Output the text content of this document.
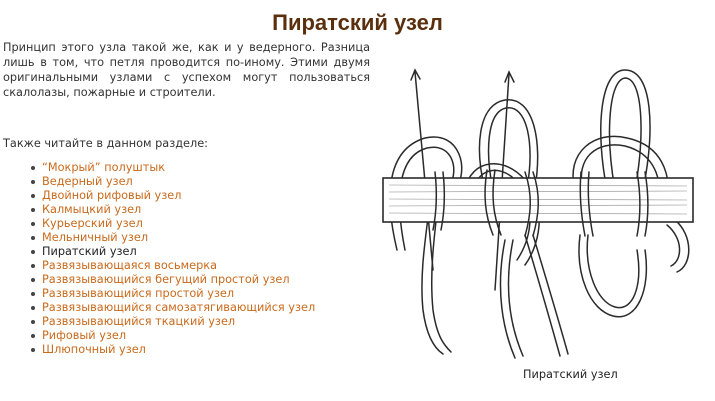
Пиратский узел
Принцип этого узла такой же, как и у ведерного. Разница лишь в том, что петля проводится по-иному. Этими двумя оригинальными узлами с успехом могут пользоваться скалолазы, пожарные и строители.
Также читайте в данном разделе:
“Мокрый” полуштык
Ведерный узел
Двойной рифовый узел
Калмыцкий узел
Курьерский узел
Мельничный узел
Пиратский узел
Развязывающаяся восьмерка
Развязывающийся бегущий простой узел
Развязывающийся простой узел
Развязывающийся самозатягивающийся узел
Развязывающийся ткацкий узел
Рифовый узел
Шлюпочный узел
Пиратский узел
